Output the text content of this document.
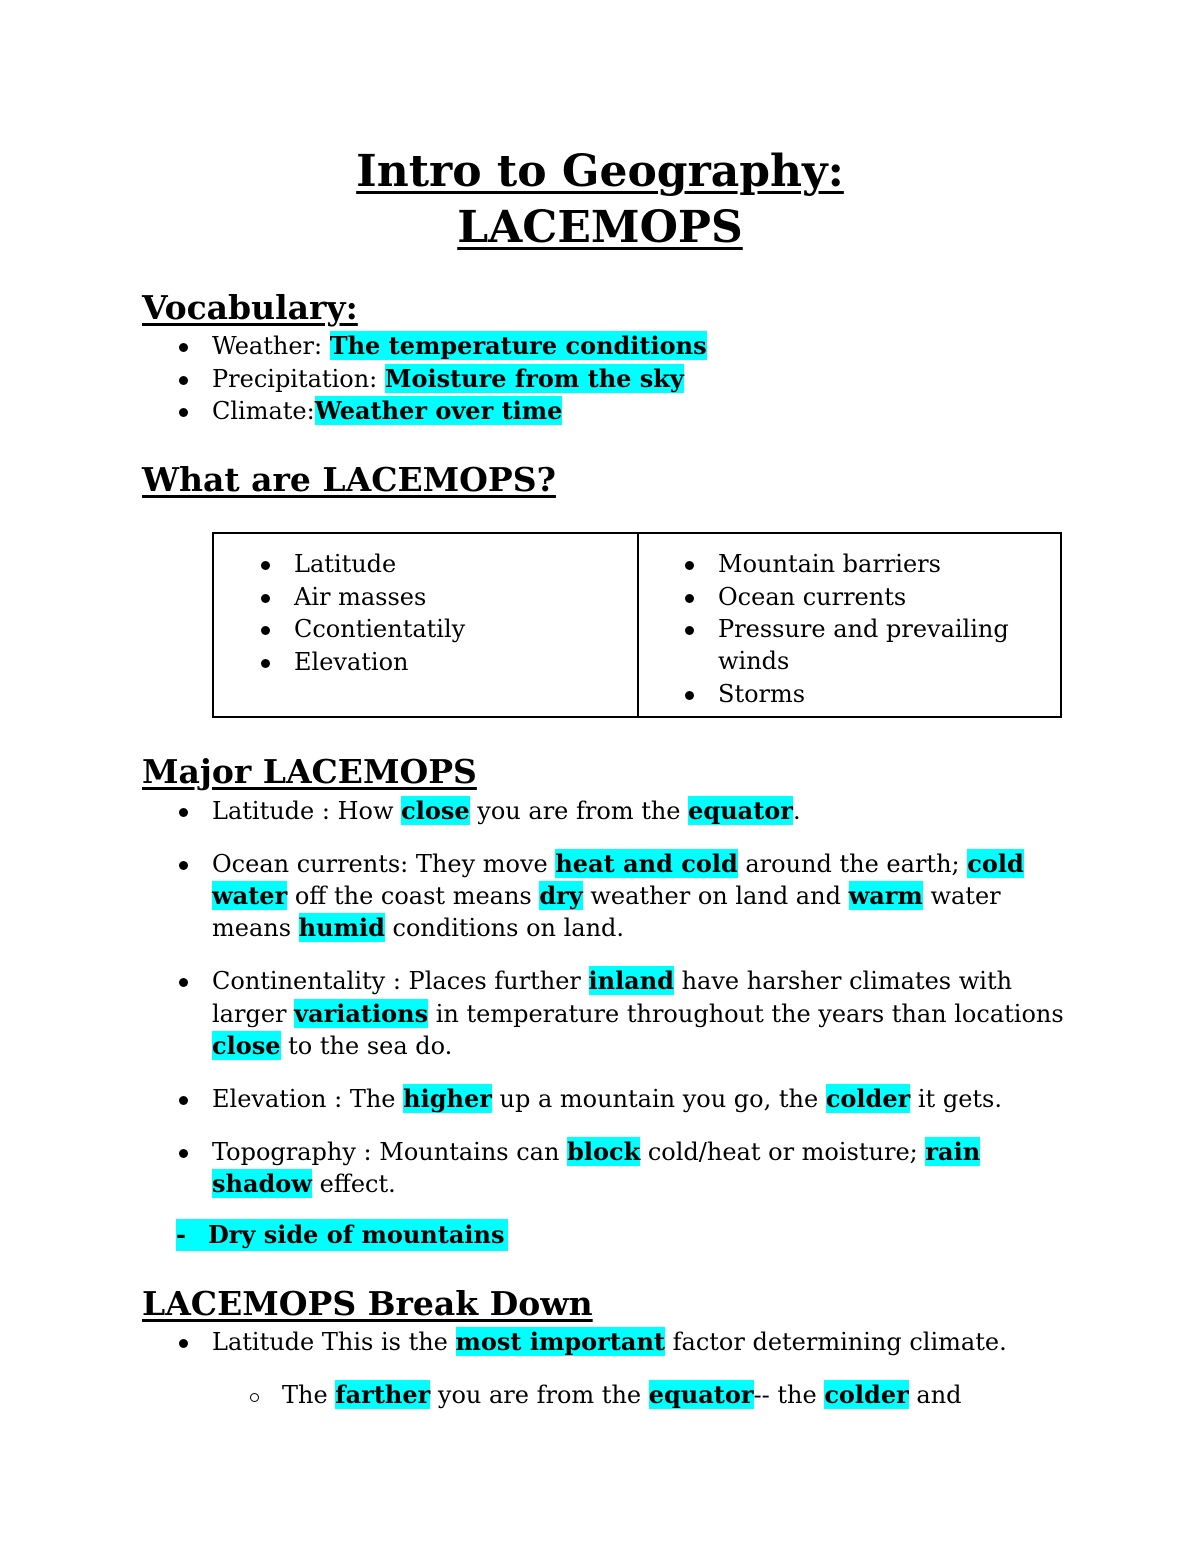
Intro to Geography:
LACEMOPS
Vocabulary:
Weather: The temperature conditions
Precipitation: Moisture from the sky
Climate:Weather over time
What are LACEMOPS?
Latitude
Air masses
Ccontientatily
Elevation
Mountain barriers
Ocean currents
Pressure and prevailing
winds
Storms
Major LACEMOPS
Latitude : How close you are from the equator.
Ocean currents: They move heat and cold around the earth; cold
water off the coast means dry weather on land and warm water
means humid conditions on land.
Continentality : Places further inland have harsher climates with
larger variations in temperature throughout the years than locations
close to the sea do.
Elevation : The higher up a mountain you go, the colder it gets.
Topography : Mountains can block cold/heat or moisture; rain
shadow effect.
- Dry side of mountains
LACEMOPS Break Down
Latitude This is the most important factor determining climate.
The farther you are from the equator-- the colder and
